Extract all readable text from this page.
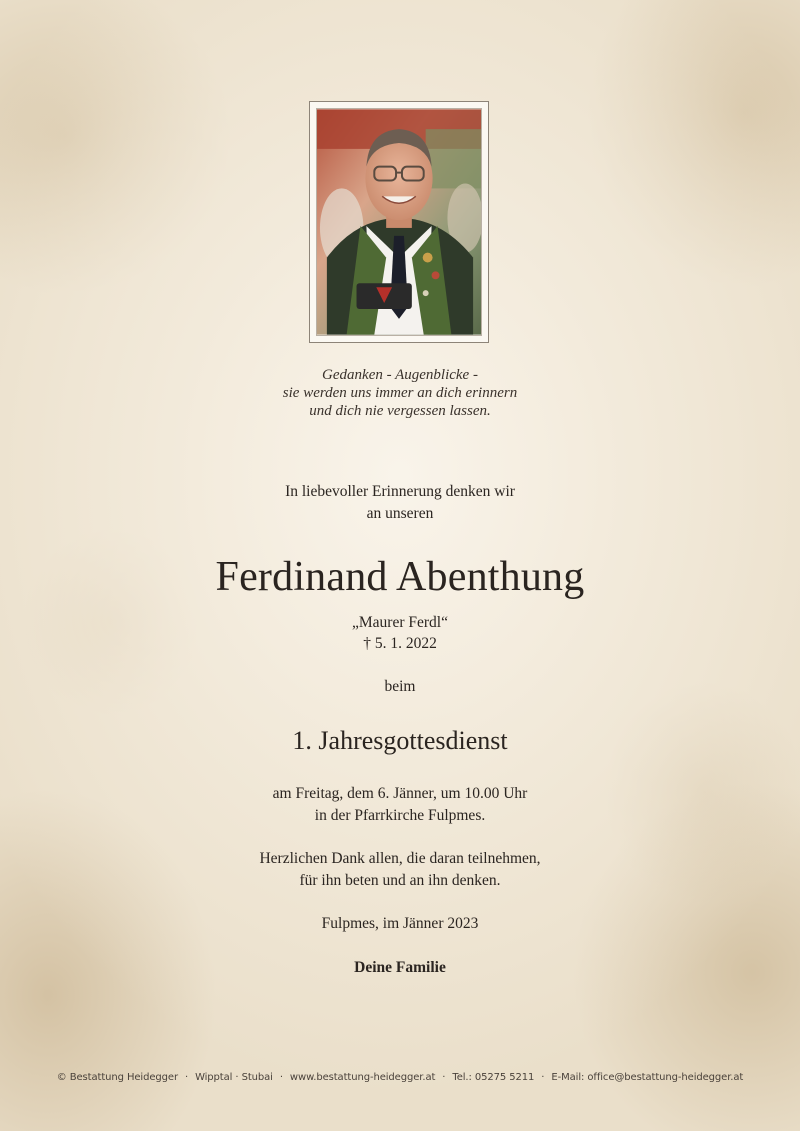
Gedanken - Augenblicke -
sie werden uns immer an dich erinnern
und dich nie vergessen lassen.
In liebevoller Erinnerung denken wir
an unseren
Ferdinand Abenthung
„Maurer Ferdl“
† 5. 1. 2022
beim
1. Jahresgottesdienst
am Freitag, dem 6. Jänner, um 10.00 Uhr
in der Pfarrkirche Fulpmes.
Herzlichen Dank allen, die daran teilnehmen,
für ihn beten und an ihn denken.
Fulpmes, im Jänner 2023
Deine Familie
© Bestattung Heidegger · Wipptal · Stubai · www.bestattung-heidegger.at · Tel.: 05275 5211 · E-Mail: office@bestattung-heidegger.at
